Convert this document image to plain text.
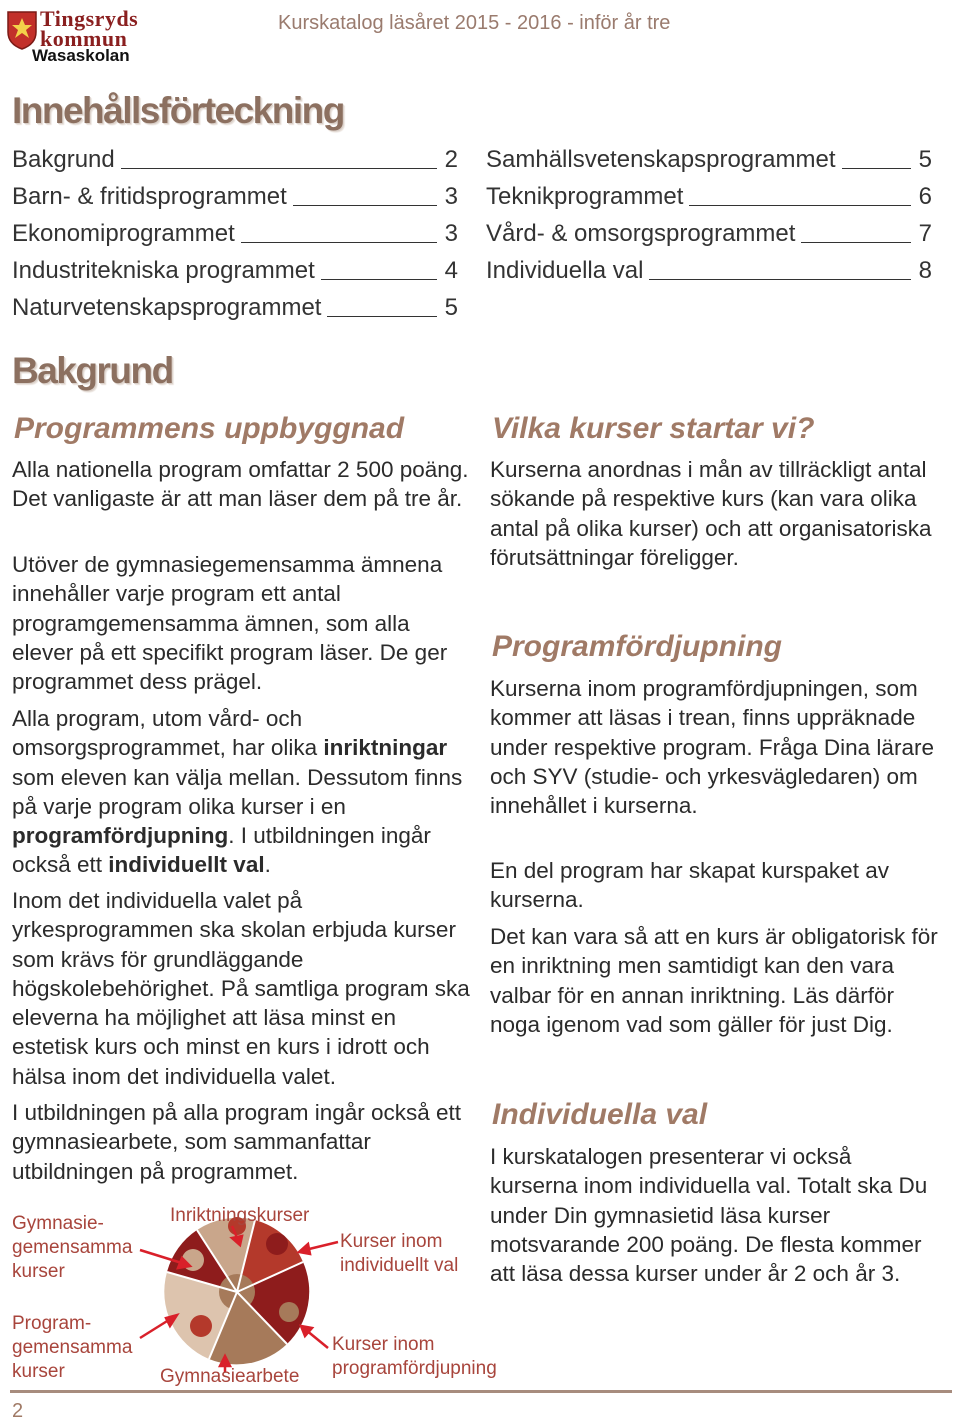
Tingsryds
kommun
Wasaskolan
Kurskatalog läsåret 2015 - 2016 - inför år tre
Innehållsförteckning
Bakgrund	2
Barn- & fritidsprogrammet	3
Ekonomiprogrammet	3
Industritekniska programmet	4
Naturvetenskapsprogrammet	5
Samhällsvetenskapsprogrammet	5
Teknikprogrammet	6
Vård- & omsorgsprogrammet	7
Individuella val	8
Bakgrund
Programmens uppbyggnad
Alla nationella program omfattar 2 500 poäng. Det vanligaste är att man läser dem på tre år.
Utöver de gymnasiegemensamma ämnena innehåller varje program ett antal programgemensamma ämnen, som alla elever på ett specifikt program läser. De ger programmet dess prägel.
Alla program, utom vård- och omsorgsprogrammet, har olika inriktningar som eleven kan välja mellan. Dessutom finns på varje program olika kurser i en programfördjupning. I utbildningen ingår också ett individuellt val.
Inom det individuella valet på yrkesprogrammen ska skolan erbjuda kurser som krävs för grundläggande högskolebehörighet. På samtliga program ska eleverna ha möjlighet att läsa minst en estetisk kurs och minst en kurs i idrott och hälsa inom det individuella valet.
I utbildningen på alla program ingår också ett gymnasiearbete, som sammanfattar utbildningen på programmet.
Vilka kurser startar vi?
Kurserna anordnas i mån av tillräckligt antal sökande på respektive kurs (kan vara olika antal på olika kurser) och att organisatoriska förutsättningar föreligger.
Programfördjupning
Kurserna inom programfördjupningen, som kommer att läsas i trean, finns uppräknade under respektive program. Fråga Dina lärare och SYV (studie- och yrkesvägledaren) om innehållet i kurserna.
En del program har skapat kurspaket av kurserna.
Det kan vara så att en kurs är obligatorisk för en inriktning men samtidigt kan den vara valbar för en annan inriktning. Läs därför noga igenom vad som gäller för just Dig.
Individuella val
I kurskatalogen presenterar vi också kurserna inom individuella val. Totalt ska Du under Din gymnasietid läsa kurser motsvarande 200 poäng. De flesta kommer att läsa dessa kurser under år 2 och år 3.
Gymnasie-
gemensamma
kurser
Program-
gemensamma
kurser
Inriktningskurser
Kurser inom
individuellt val
Kurser inom
programfördjupning
Gymnasiearbete
2
